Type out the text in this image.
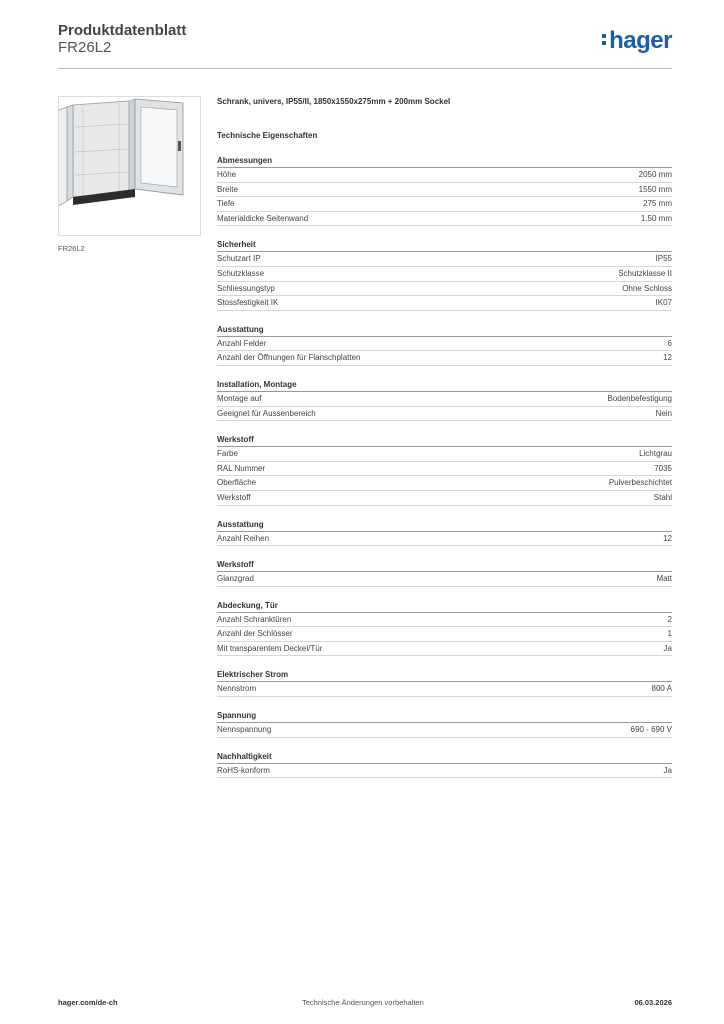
Produktdatenblatt
FR26L2	hager
FR26L2
Schrank, univers, IP55/II, 1850x1550x275mm + 200mm Sockel
Technische Eigenschaften
Abmessungen
Höhe	2050 mm
Breite	1550 mm
Tiefe	275 mm
Materialdicke Seitenwand	1.50 mm
Sicherheit
Schutzart IP	IP55
Schutzklasse	Schutzklasse II
Schliessungstyp	Ohne Schloss
Stossfestigkeit IK	IK07
Ausstattung
Anzahl Felder	6
Anzahl der Öffnungen für Flanschplatten	12
Installation, Montage
Montage auf	Bodenbefestigung
Geeignet für Aussenbereich	Nein
Werkstoff
Farbe	Lichtgrau
RAL Nummer	7035
Oberfläche	Pulverbeschichtet
Werkstoff	Stahl
Ausstattung
Anzahl Reihen	12
Werkstoff
Glanzgrad	Matt
Abdeckung, Tür
Anzahl Schranktüren	2
Anzahl der Schlösser	1
Mit transparentem Deckel/Tür	Ja
Elektrischer Strom
Nennstrom	800 A
Spannung
Nennspannung	690 - 690 V
Nachhaltigkeit
RoHS-konform	Ja
hager.com/de-ch	Technische Änderungen vorbehalten	06.03.2026
